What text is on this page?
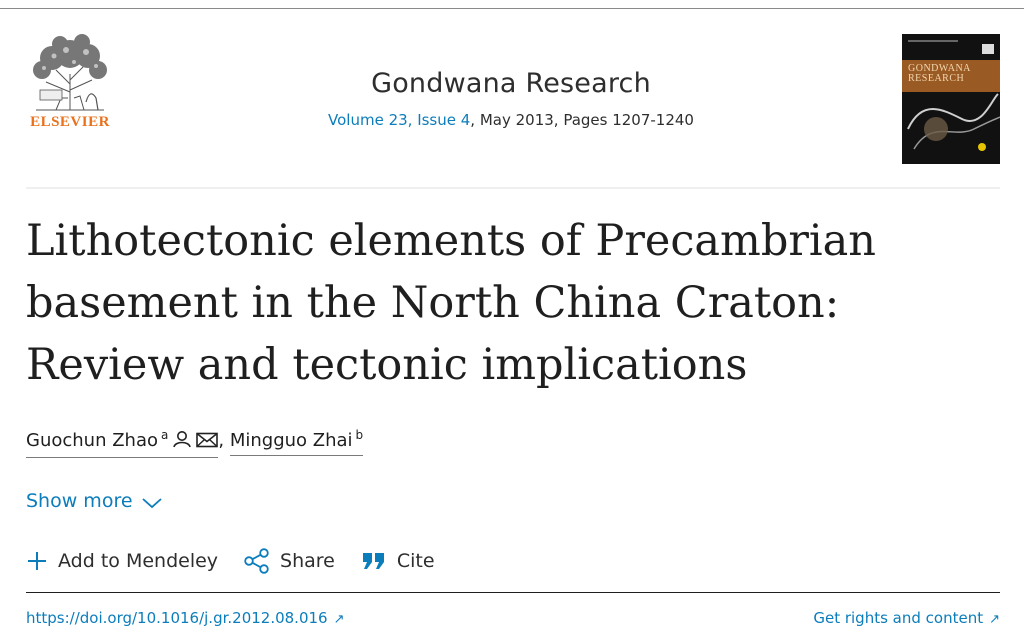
ELSEVIER
Gondwana Research
Volume 23, Issue 4, May 2013, Pages 1207-1240
GONDWANA RESEARCH
Lithotectonic elements of Precambrian basement in the North China Craton: Review and tectonic implications
Guochun Zhao $^a$	, Mingguo Zhai $^b$
Show more
Add to Mendeley	Share	Cite
https://doi.org/10.1016/j.gr.2012.08.016 ↗	Get rights and content ↗
